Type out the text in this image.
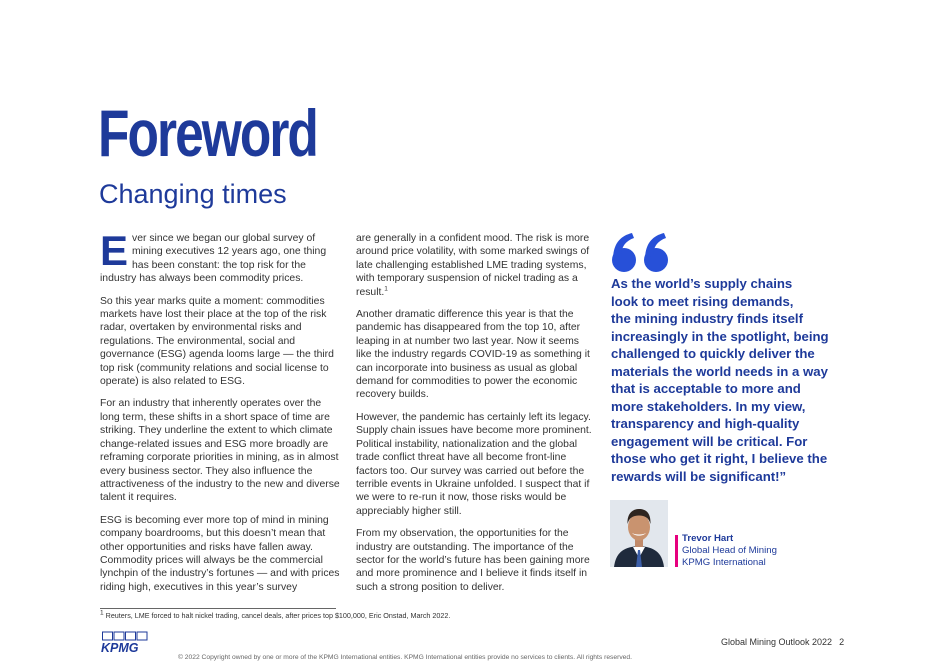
Foreword
Changing times

Ever since we began our global survey of mining executives 12 years ago, one thing has been constant: the top risk for the industry has always been commodity prices.

So this year marks quite a moment: commodities markets have lost their place at the top of the risk radar, overtaken by environmental risks and regulations. The environmental, social and governance (ESG) agenda looms large — the third top risk (community relations and social license to operate) is also related to ESG.

For an industry that inherently operates over the long term, these shifts in a short space of time are striking. They underline the extent to which climate change-related issues and ESG more broadly are reframing corporate priorities in mining, as in almost every business sector. They also influence the attractiveness of the industry to the new and diverse talent it requires.

ESG is becoming ever more top of mind in mining company boardrooms, but this doesn’t mean that other opportunities and risks have fallen away. Commodity prices will always be the commercial lynchpin of the industry’s fortunes — and with prices riding high, executives in this year’s survey

are generally in a confident mood. The risk is more around price volatility, with some marked swings of late challenging established LME trading systems, with temporary suspension of nickel trading as a result.$^1$

Another dramatic difference this year is that the pandemic has disappeared from the top 10, after leaping in at number two last year. Now it seems like the industry regards COVID-19 as something it can incorporate into business as usual as global demand for commodities to power the economic recovery builds.

However, the pandemic has certainly left its legacy. Supply chain issues have become more prominent. Political instability, nationalization and the global trade conflict threat have all become front-line factors too. Our survey was carried out before the terrible events in Ukraine unfolded. I suspect that if we were to re-run it now, those risks would be appreciably higher still.

From my observation, the opportunities for the industry are outstanding. The importance of the sector for the world’s future has been gaining more and more prominence and I believe it finds itself in such a strong position to deliver.

As the world’s supply chains
look to meet rising demands,
the mining industry finds itself
increasingly in the spotlight, being
challenged to quickly deliver the
materials the world needs in a way
that is acceptable to more and
more stakeholders. In my view,
transparency and high-quality
engagement will be critical. For
those who get it right, I believe the
rewards will be significant!”
Trevor Hart
Global Head of Mining
KPMG International
$^1$ Reuters, LME forced to halt nickel trading, cancel deals, after prices top $100,000, Eric Onstad, March 2022.
KPMG	Global Mining Outlook 2022 2
© 2022 Copyright owned by one or more of the KPMG International entities. KPMG International entities provide no services to clients. All rights reserved.
